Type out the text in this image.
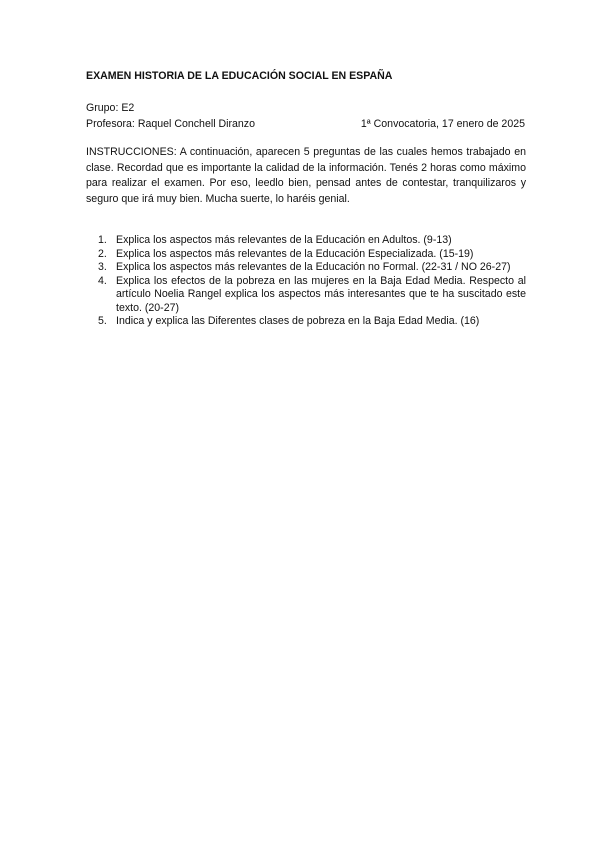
EXAMEN HISTORIA DE LA EDUCACIÓN SOCIAL EN ESPAÑA
Grupo: E2
Profesora: Raquel Conchell Diranzo	1ª Convocatoria, 17 enero de 2025
INSTRUCCIONES: A continuación, aparecen 5 preguntas de las cuales hemos trabajado en clase. Recordad que es importante la calidad de la información. Tenés 2 horas como máximo para realizar el examen. Por eso, leedlo bien, pensad antes de contestar, tranquilizaros y seguro que irá muy bien. Mucha suerte, lo haréis genial.
1. Explica los aspectos más relevantes de la Educación en Adultos. (9-13)
2. Explica los aspectos más relevantes de la Educación Especializada. (15-19)
3. Explica los aspectos más relevantes de la Educación no Formal. (22-31 / NO 26-27)
4. Explica los efectos de la pobreza en las mujeres en la Baja Edad Media. Respecto al artículo Noelia Rangel explica los aspectos más interesantes que te ha suscitado este texto. (20-27)
5. Indica y explica las Diferentes clases de pobreza en la Baja Edad Media. (16)
